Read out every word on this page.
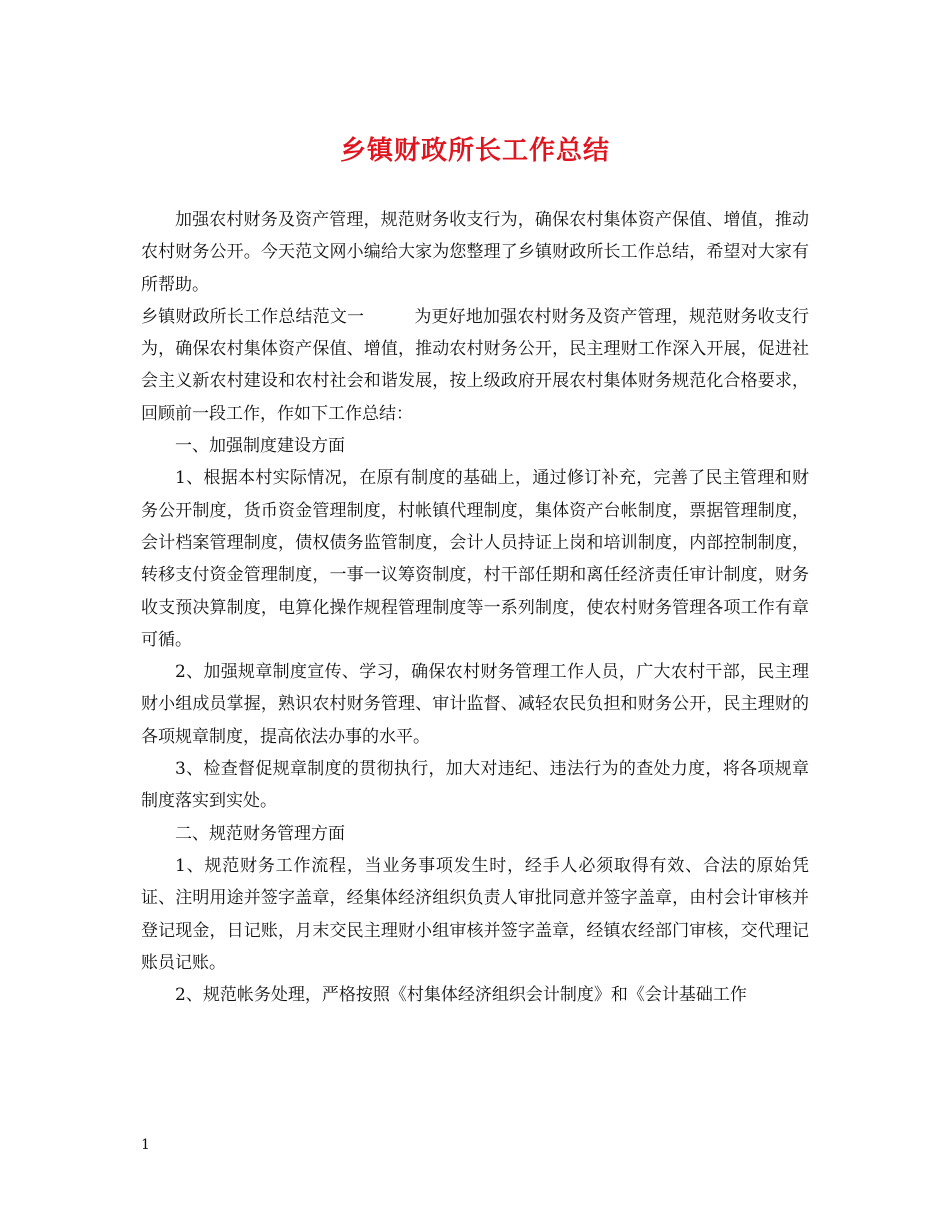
乡镇财政所长工作总结

加强农村财务及资产管理，规范财务收支行为，确保农村集体资产保值、增值，推动农村财务公开。今天范文网小编给大家为您整理了乡镇财政所长工作总结，希望对大家有所帮助。

乡镇财政所长工作总结范文一	为更好地加强农村财务及资产管理，规范财务收支行为，确保农村集体资产保值、增值，推动农村财务公开，民主理财工作深入开展，促进社会主义新农村建设和农村社会和谐发展，按上级政府开展农村集体财务规范化合格要求，回顾前一段工作，作如下工作总结：

一、加强制度建设方面

1、根据本村实际情况，在原有制度的基础上，通过修订补充，完善了民主管理和财务公开制度，货币资金管理制度，村帐镇代理制度，集体资产台帐制度，票据管理制度，会计档案管理制度，债权债务监管制度，会计人员持证上岗和培训制度，内部控制制度，转移支付资金管理制度，一事一议筹资制度，村干部任期和离任经济责任审计制度，财务收支预决算制度，电算化操作规程管理制度等一系列制度，使农村财务管理各项工作有章可循。

2、加强规章制度宣传、学习，确保农村财务管理工作人员，广大农村干部，民主理财小组成员掌握，熟识农村财务管理、审计监督、减轻农民负担和财务公开，民主理财的各项规章制度，提高依法办事的水平。

3、检查督促规章制度的贯彻执行，加大对违纪、违法行为的查处力度，将各项规章制度落实到实处。

二、规范财务管理方面

1、规范财务工作流程，当业务事项发生时，经手人必须取得有效、合法的原始凭证、注明用途并签字盖章，经集体经济组织负责人审批同意并签字盖章，由村会计审核并登记现金，日记账，月末交民主理财小组审核并签字盖章，经镇农经部门审核，交代理记账员记账。

2、规范帐务处理，严格按照《村集体经济组织会计制度》和《会计基础工作

1
